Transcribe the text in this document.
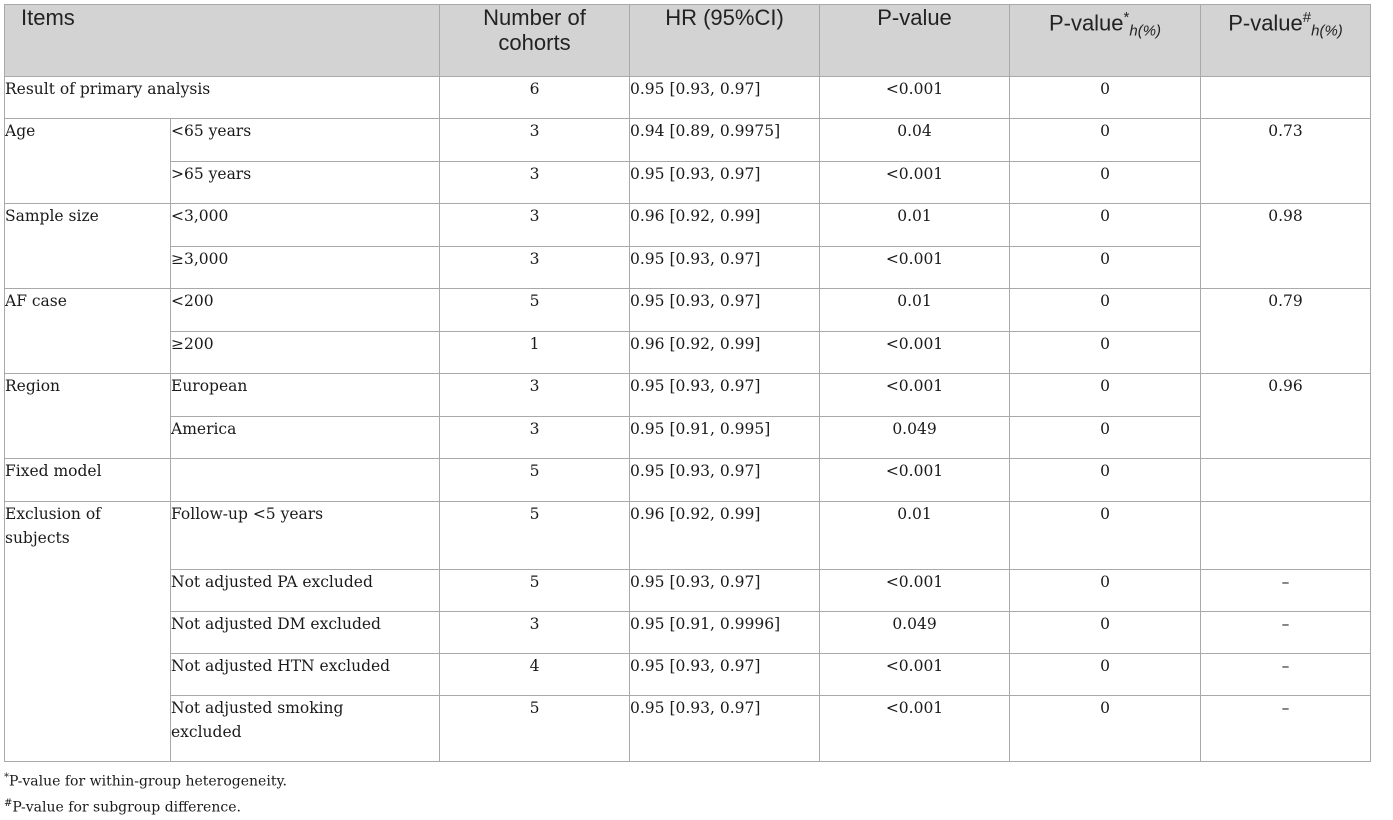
Items		Number of cohorts	HR (95%CI)	P-value	P-value*$_{h(\%)}$	P-value#$_{h(\%)}$
Result of primary analysis		6	0.95 [0.93, 0.97]	<0.001	0	
Age	<65 years	3	0.94 [0.89, 0.9975]	0.04	0	0.73
	>65 years	3	0.95 [0.93, 0.97]	<0.001	0	
Sample size	<3,000	3	0.96 [0.92, 0.99]	0.01	0	0.98
	≥3,000	3	0.95 [0.93, 0.97]	<0.001	0	
AF case	<200	5	0.95 [0.93, 0.97]	0.01	0	0.79
	≥200	1	0.96 [0.92, 0.99]	<0.001	0	
Region	European	3	0.95 [0.93, 0.97]	<0.001	0	0.96
	America	3	0.95 [0.91, 0.995]	0.049	0	
Fixed model		5	0.95 [0.93, 0.97]	<0.001	0	
Exclusion of subjects	Follow-up <5 years	5	0.96 [0.92, 0.99]	0.01	0	
	Not adjusted PA excluded	5	0.95 [0.93, 0.97]	<0.001	0	–
	Not adjusted DM excluded	3	0.95 [0.91, 0.9996]	0.049	0	–
	Not adjusted HTN excluded	4	0.95 [0.93, 0.97]	<0.001	0	–
	Not adjusted smoking excluded	5	0.95 [0.93, 0.97]	<0.001	0	–
*P-value for within-group heterogeneity.
#P-value for subgroup difference.
